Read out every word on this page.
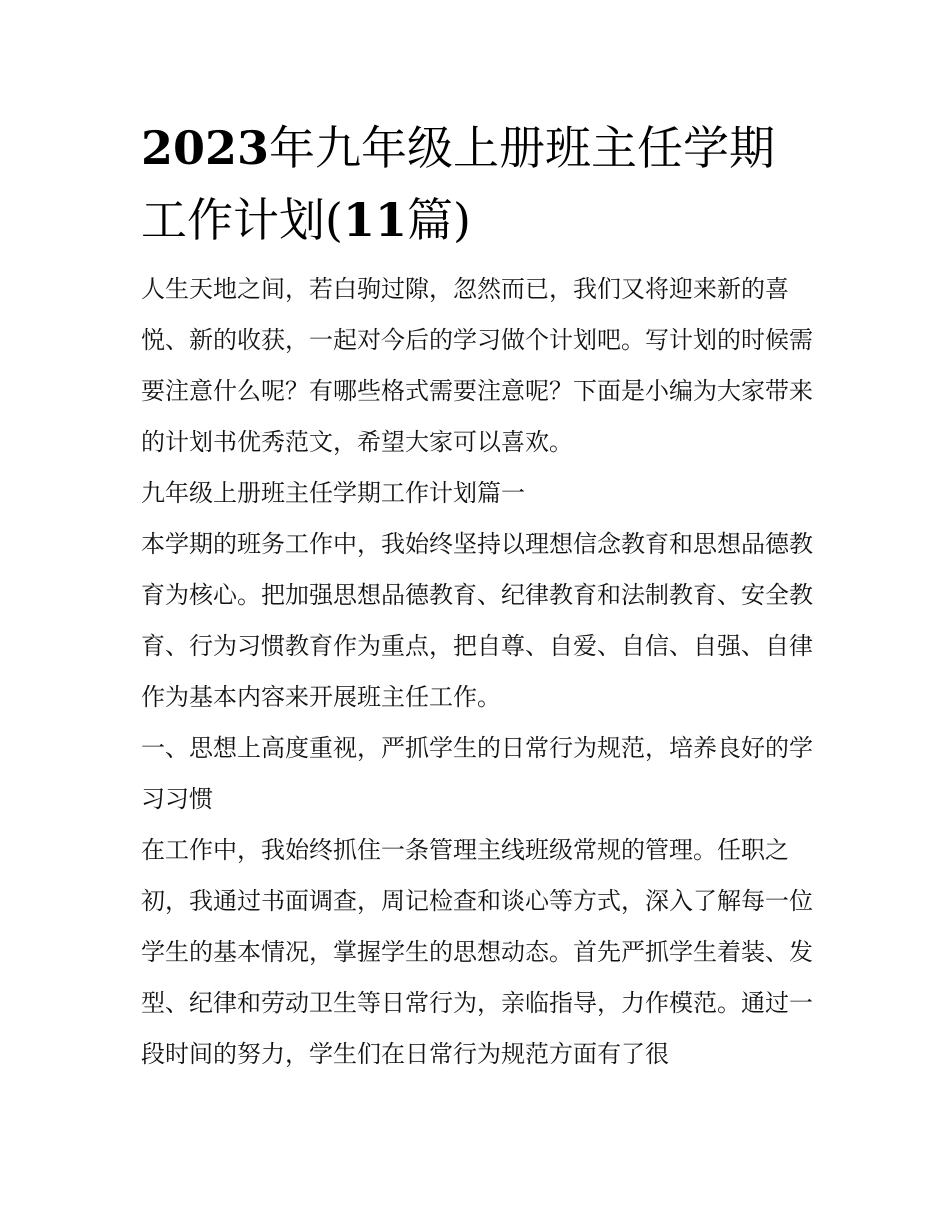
2023年九年级上册班主任学期工作计划(11篇)

人生天地之间，若白驹过隙，忽然而已，我们又将迎来新的喜悦、新的收获，一起对今后的学习做个计划吧。写计划的时候需要注意什么呢？有哪些格式需要注意呢？下面是小编为大家带来的计划书优秀范文，希望大家可以喜欢。

九年级上册班主任学期工作计划篇一

本学期的班务工作中，我始终坚持以理想信念教育和思想品德教育为核心。把加强思想品德教育、纪律教育和法制教育、安全教育、行为习惯教育作为重点，把自尊、自爱、自信、自强、自律作为基本内容来开展班主任工作。

一、思想上高度重视，严抓学生的日常行为规范，培养良好的学习习惯

在工作中，我始终抓住一条管理主线班级常规的管理。任职之初，我通过书面调查，周记检查和谈心等方式，深入了解每一位学生的基本情况，掌握学生的思想动态。首先严抓学生着装、发型、纪律和劳动卫生等日常行为，亲临指导，力作模范。通过一段时间的努力，学生们在日常行为规范方面有了很
